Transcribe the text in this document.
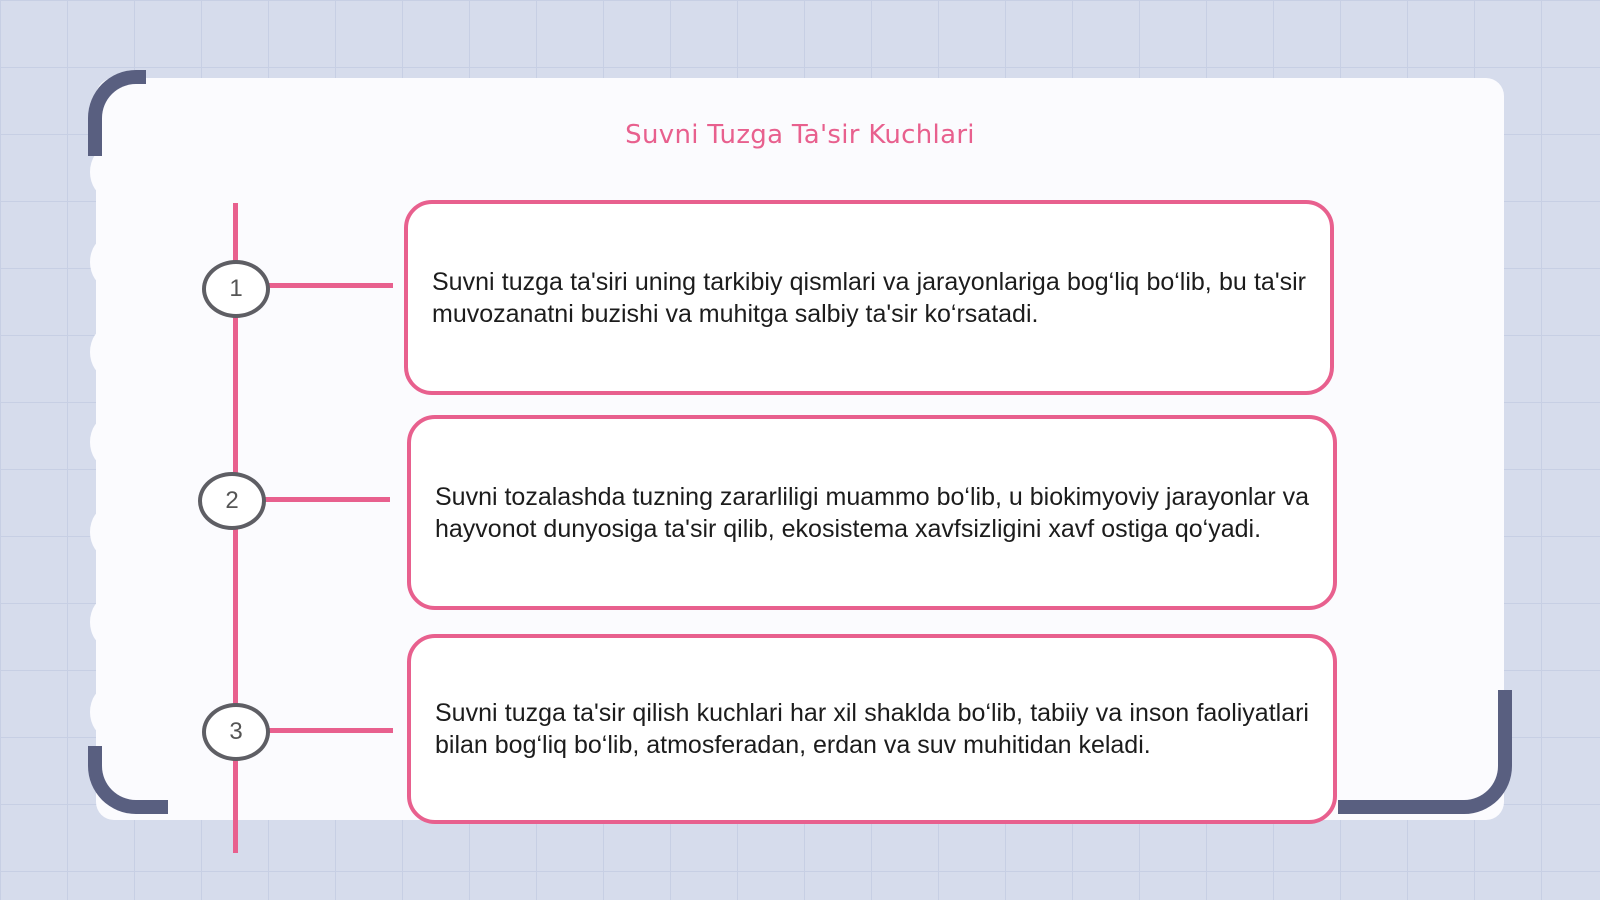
Suvni Tuzga Ta'sir Kuchlari
1
2
3
Suvni tuzga ta'siri uning tarkibiy qismlari va jarayonlariga bog‘liq bo‘lib, bu ta'sir muvozanatni buzishi va muhitga salbiy ta'sir ko‘rsatadi.
Suvni tozalashda tuzning zararliligi muammo bo‘lib, u biokimyoviy jarayonlar va hayvonot dunyosiga ta'sir qilib, ekosistema xavfsizligini xavf ostiga qo‘yadi.
Suvni tuzga ta'sir qilish kuchlari har xil shaklda bo‘lib, tabiiy va inson faoliyatlari bilan bog‘liq bo‘lib, atmosferadan, erdan va suv muhitidan keladi.
